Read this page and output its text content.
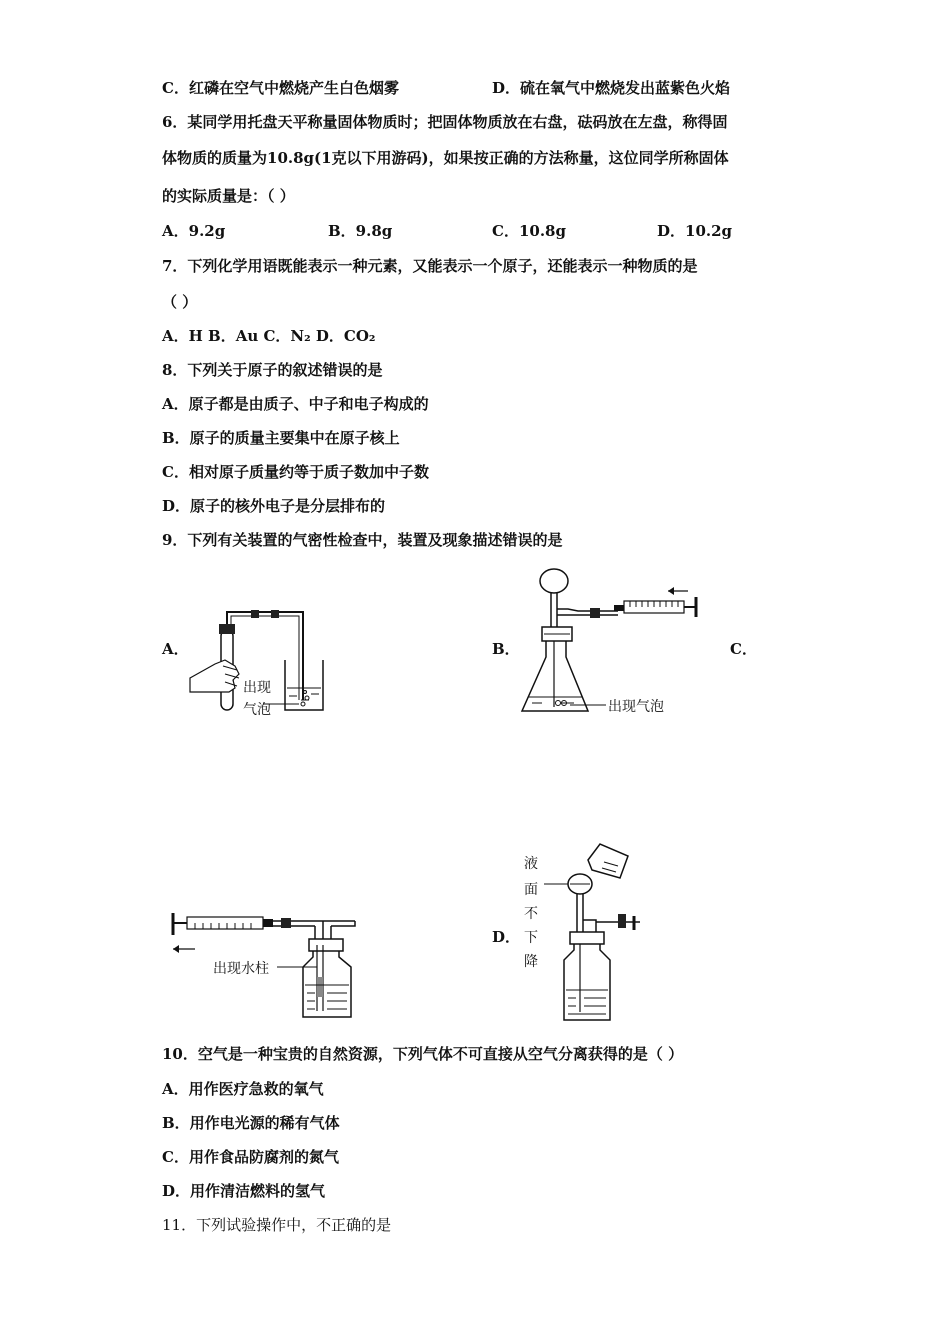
C．红磷在空气中燃烧产生白色烟雾	D．硫在氧气中燃烧发出蓝紫色火焰
6．某同学用托盘天平称量固体物质时；把固体物质放在右盘，砝码放在左盘，称得固
体物质的质量为10.8g(1克以下用游码)，如果按正确的方法称量，这位同学所称固体
的实际质量是：（ ）
A．9.2g	B．9.8g	C．10.8g	D．10.2g
7．下列化学用语既能表示一种元素，又能表示一个原子，还能表示一种物质的是
（ ）
A．H B．Au C．N₂ D．CO₂
8．下列关于原子的叙述错误的是
A．原子都是由质子、中子和电子构成的
B．原子的质量主要集中在原子核上
C．相对原子质量约等于质子数加中子数
D．原子的核外电子是分层排布的
9．下列有关装置的气密性检查中，装置及现象描述错误的是
A．	B．	C．
D．
出现
气泡	出现气泡
出现水柱
液
面
不
下
降
10．空气是一种宝贵的自然资源，下列气体不可直接从空气分离获得的是（ ）
A．用作医疗急救的氧气
B．用作电光源的稀有气体
C．用作食品防腐剂的氮气
D．用作清洁燃料的氢气
11．下列试验操作中，不正确的是
